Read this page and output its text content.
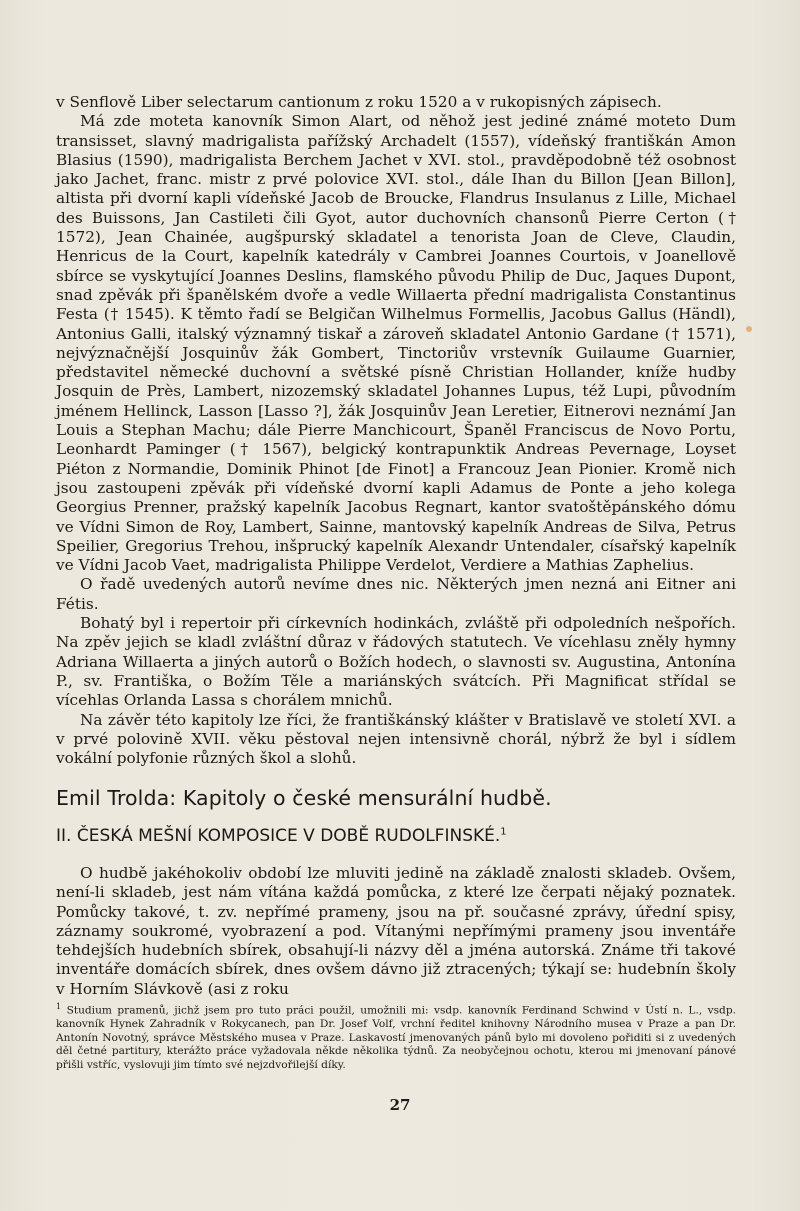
v Senflově Liber selectarum cantionum z roku 1520 a v rukopisných zápisech.

Má zde moteta kanovník Simon Alart, od něhož jest jediné známé moteto Dum transisset, slavný madrigalista pařížský Archadelt (1557), vídeňský františkán Amon Blasius (1590), madrigalista Berchem Jachet v XVI. stol., pravděpodobně též osobnost jako Jachet, franc. mistr z prvé polovice XVI. stol., dále Ihan du Billon [Jean Billon], altista při dvorní kapli vídeňské Jacob de Broucke, Flandrus Insulanus z Lille, Michael des Buissons, Jan Castileti čili Gyot, autor duchovních chansonů Pierre Certon († 1572), Jean Chainée, augšpurský skladatel a tenorista Joan de Cleve, Claudin, Henricus de la Court, kapelník katedrály v Cambrei Joannes Courtois, v Joanellově sbírce se vyskytující Joannes Deslins, flamského původu Philip de Duc, Jaques Dupont, snad zpěvák při španělském dvoře a vedle Willaerta přední madrigalista Constantinus Festa († 1545). K těmto řadí se Belgičan Wilhelmus Formellis, Jacobus Gallus (Händl), Antonius Galli, italský významný tiskař a zároveň skladatel Antonio Gardane († 1571), nejvýznačnější Josquinův žák Gombert, Tinctoriův vrstevník Guilaume Guarnier, představitel německé duchovní a světské písně Christian Hollander, kníže hudby Josquin de Près, Lambert, nizozemský skladatel Johannes Lupus, též Lupi, původním jménem Hellinck, Lasson [Lasso ?], žák Josquinův Jean Leretier, Eitnerovi neznámí Jan Louis a Stephan Machu; dále Pierre Manchicourt, Španěl Franciscus de Novo Portu, Leonhardt Paminger († 1567), belgický kontrapunktik Andreas Pevernage, Loyset Piéton z Normandie, Dominik Phinot [de Finot] a Francouz Jean Pionier. Kromě nich jsou zastoupeni zpěvák při vídeňské dvorní kapli Adamus de Ponte a jeho kolega Georgius Prenner, pražský kapelník Jacobus Regnart, kantor svatoštěpánského dómu ve Vídni Simon de Roy, Lambert, Sainne, mantovský kapelník Andreas de Silva, Petrus Speilier, Gregorius Trehou, inšprucký kapelník Alexandr Untendaler, císařský kapelník ve Vídni Jacob Vaet, madrigalista Philippe Verdelot, Verdiere a Mathias Zaphelius.

O řadě uvedených autorů nevíme dnes nic. Některých jmen nezná ani Eitner ani Fétis.

Bohatý byl i repertoir při církevních hodinkách, zvláště při odpoledních nešpořích. Na zpěv jejich se kladl zvláštní důraz v řádových statutech. Ve vícehlasu zněly hymny Adriana Willaerta a jiných autorů o Božích hodech, o slavnosti sv. Augustina, Antonína P., sv. Františka, o Božím Těle a mariánských svátcích. Při Magnificat střídal se vícehlas Orlanda Lassa s chorálem mnichů.

Na závěr této kapitoly lze říci, že františkánský klášter v Bratislavě ve století XVI. a v prvé polovině XVII. věku pěstoval nejen intensivně chorál, nýbrž že byl i sídlem vokální polyfonie různých škol a slohů.

Emil Trolda: Kapitoly o české mensurální hudbě.
II. ČESKÁ MEŠNÍ KOMPOSICE V DOBĚ RUDOLFINSKÉ.$^1$

O hudbě jakéhokoliv období lze mluviti jedině na základě znalosti skladeb. Ovšem, není-li skladeb, jest nám vítána každá pomůcka, z které lze čerpati nějaký poznatek. Pomůcky takové, t. zv. nepřímé prameny, jsou na př. současné zprávy, úřední spisy, záznamy soukromé, vyobrazení a pod. Vítanými nepřímými prameny jsou inventáře tehdejších hudebních sbírek, obsahují-li názvy děl a jména autorská. Známe tři takové inventáře domácích sbírek, dnes ovšem dávno již ztracených; týkají se: hudebnín školy v Horním Slávkově (asi z roku

$^1$ Studium pramenů, jichž jsem pro tuto práci použil, umožnili mi: vsdp. kanovník Ferdinand Schwind v Ústí n. L., vsdp. kanovník Hynek Zahradník v Rokycanech, pan Dr. Josef Volf, vrchní ředitel knihovny Národního musea v Praze a pan Dr. Antonín Novotný, správce Městského musea v Praze. Laskavostí jmenovaných pánů bylo mi dovoleno pořiditi si z uvedených děl četné partitury, kterážto práce vyžadovala někde několika týdnů. Za neobyčejnou ochotu, kterou mi jmenovaní pánové přišli vstříc, vyslovuji jim tímto své nejzdvořilejší díky.
27
